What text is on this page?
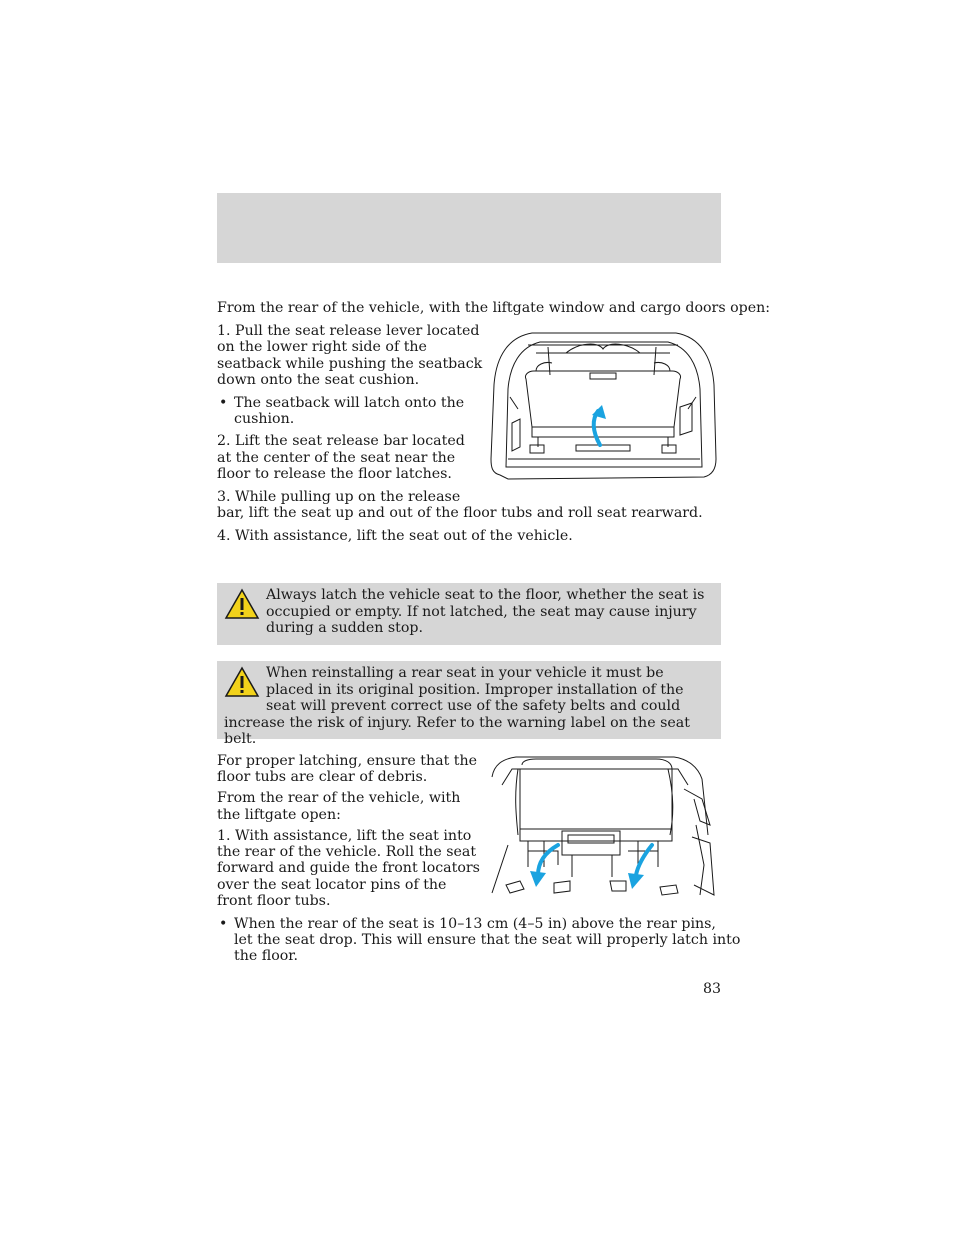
From the rear of the vehicle, with the liftgate window and cargo doors open:

1. Pull the seat release lever located
on the lower right side of the
seatback while pushing the seatback
down onto the seat cushion.
• The seatback will latch onto the
cushion.
2. Lift the seat release bar located
at the center of the seat near the
floor to release the floor latches.
3. While pulling up on the release
bar, lift the seat up and out of the floor tubs and roll seat rearward.
4. With assistance, lift the seat out of the vehicle.
Always latch the vehicle seat to the floor, whether the seat is occupied or empty. If not latched, the seat may cause injury during a sudden stop.
When reinstalling a rear seat in your vehicle it must be placed in its original position. Improper installation of the seat will prevent correct use of the safety belts and could increase the risk of injury. Refer to the warning label on the seat belt.
For proper latching, ensure that the
floor tubs are clear of debris.
From the rear of the vehicle, with
the liftgate open:
1. With assistance, lift the seat into
the rear of the vehicle. Roll the seat
forward and guide the front locators
over the seat locator pins of the
front floor tubs.
• When the rear of the seat is 10–13 cm (4–5 in) above the rear pins,
let the seat drop. This will ensure that the seat will properly latch into
the floor.
83
